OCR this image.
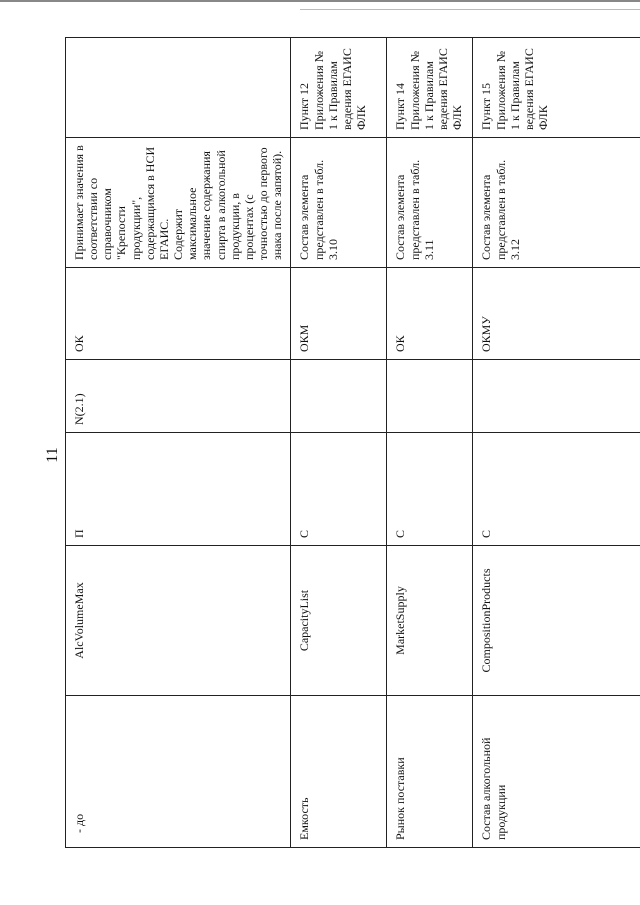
11
- до	AlcVolumeMax	П	N(2.1)	ОК	Принимает значения в соответствии со справочником "Крепости продукции", содержащимся в НСИ ЕГАИС.
Содержит максимальное значение содержания спирта в алкогольной продукции, в процентах (с точностью до первого знака после запятой).	

Емкость	CapacityList	С		ОКМ	Состав элемента представлен в табл. 3.10	Пункт 12
Приложения № 1 к Правилам ведения ЕГАИС
ФЛК

Рынок поставки	MarketSupply	С		ОК	Состав элемента представлен в табл. 3.11	Пункт 14
Приложения № 1 к Правилам ведения ЕГАИС
ФЛК

Состав алкогольной продукции	CompositionProducts	С		ОКМУ	Состав элемента представлен в табл. 3.12	Пункт 15
Приложения № 1 к Правилам ведения ЕГАИС
ФЛК
